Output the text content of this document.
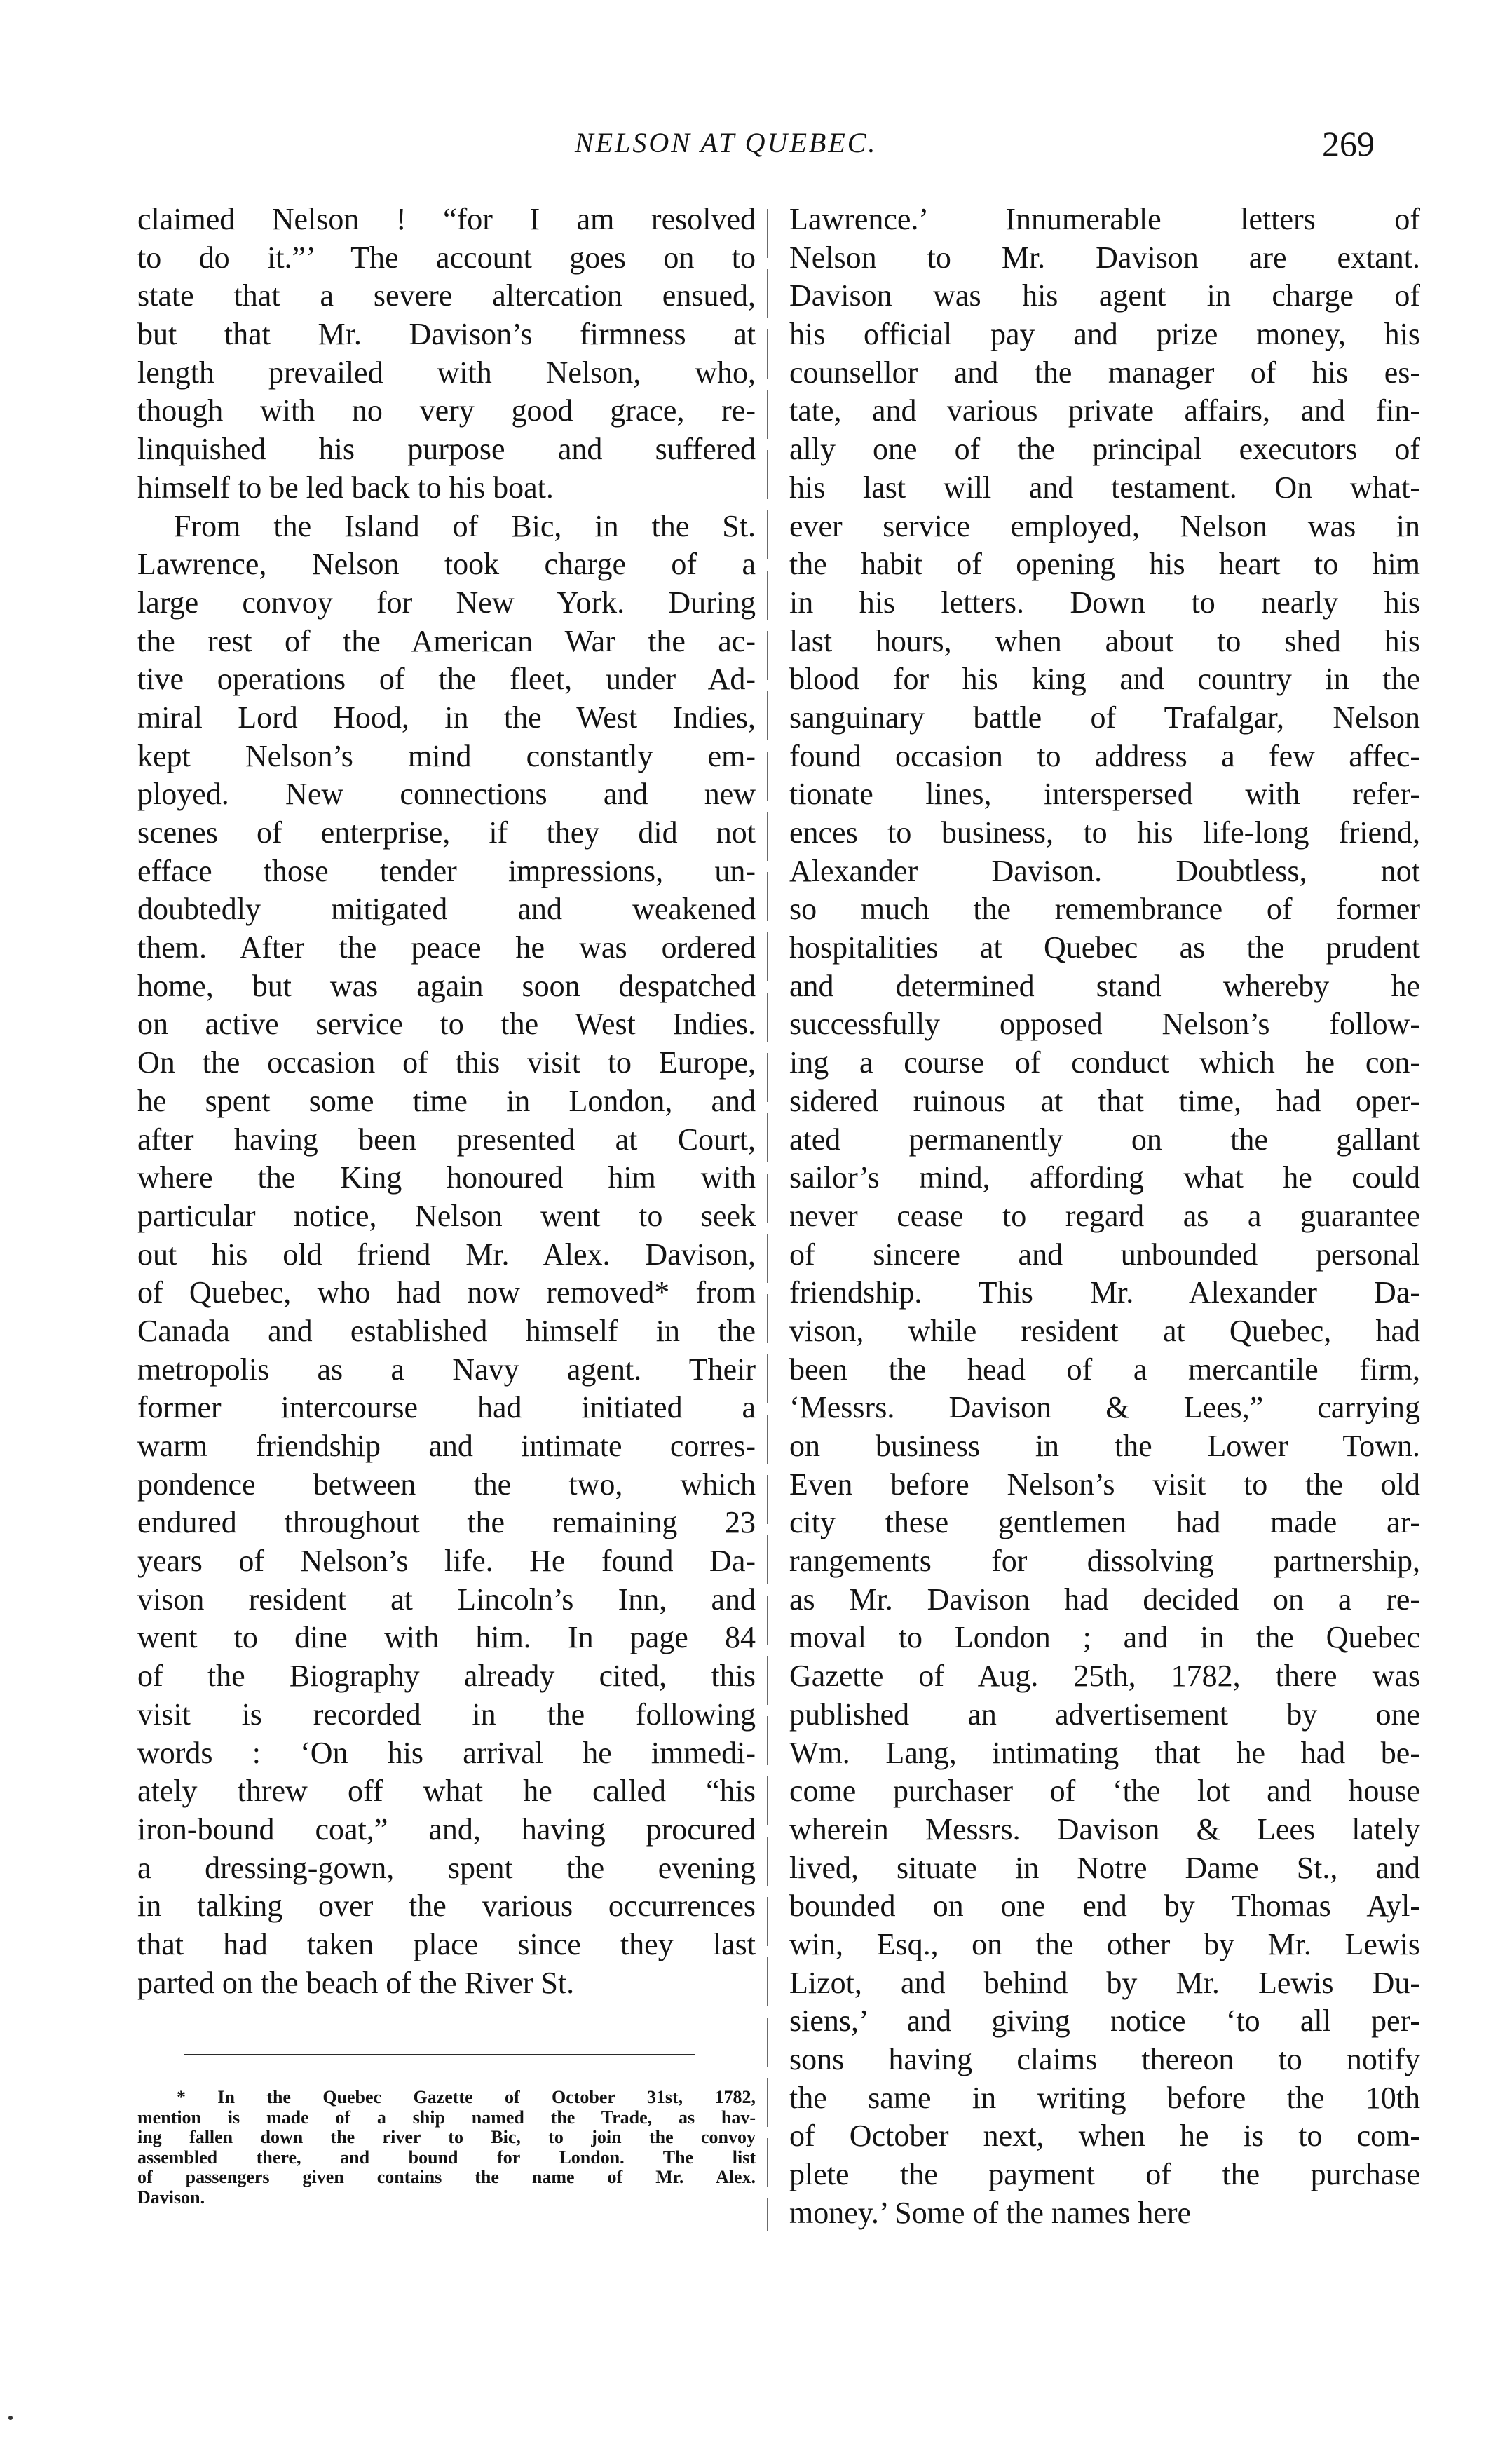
NELSON AT QUEBEC.	269
claimed Nelson ! “for I am resolved
to do it.”’ The account goes on to
state that a severe altercation ensued,
but that Mr. Davison’s firmness at
length prevailed with Nelson, who,
though with no very good grace, re-
linquished his purpose and suffered
himself to be led back to his boat.
From the Island of Bic, in the St.
Lawrence, Nelson took charge of a
large convoy for New York. During
the rest of the American War the ac-
tive operations of the fleet, under Ad-
miral Lord Hood, in the West Indies,
kept Nelson’s mind constantly em-
ployed. New connections and new
scenes of enterprise, if they did not
efface those tender impressions, un-
doubtedly mitigated and weakened
them. After the peace he was ordered
home, but was again soon despatched
on active service to the West Indies.
On the occasion of this visit to Europe,
he spent some time in London, and
after having been presented at Court,
where the King honoured him with
particular notice, Nelson went to seek
out his old friend Mr. Alex. Davison,
of Quebec, who had now removed* from
Canada and established himself in the
metropolis as a Navy agent. Their
former intercourse had initiated a
warm friendship and intimate corres-
pondence between the two, which
endured throughout the remaining 23
years of Nelson’s life. He found Da-
vison resident at Lincoln’s Inn, and
went to dine with him. In page 84
of the Biography already cited, this
visit is recorded in the following
words : ‘On his arrival he immedi-
ately threw off what he called “his
iron-bound coat,” and, having procured
a dressing-gown, spent the evening
in talking over the various occurrences
that had taken place since they last
parted on the beach of the River St.
Lawrence.’ Innumerable letters of
Nelson to Mr. Davison are extant.
Davison was his agent in charge of
his official pay and prize money, his
counsellor and the manager of his es-
tate, and various private affairs, and fin-
ally one of the principal executors of
his last will and testament. On what-
ever service employed, Nelson was in
the habit of opening his heart to him
in his letters. Down to nearly his
last hours, when about to shed his
blood for his king and country in the
sanguinary battle of Trafalgar, Nelson
found occasion to address a few affec-
tionate lines, interspersed with refer-
ences to business, to his life-long friend,
Alexander Davison. Doubtless, not
so much the remembrance of former
hospitalities at Quebec as the prudent
and determined stand whereby he
successfully opposed Nelson’s follow-
ing a course of conduct which he con-
sidered ruinous at that time, had oper-
ated permanently on the gallant
sailor’s mind, affording what he could
never cease to regard as a guarantee
of sincere and unbounded personal
friendship. This Mr. Alexander Da-
vison, while resident at Quebec, had
been the head of a mercantile firm,
‘Messrs. Davison & Lees,” carrying
on business in the Lower Town.
Even before Nelson’s visit to the old
city these gentlemen had made ar-
rangements for dissolving partnership,
as Mr. Davison had decided on a re-
moval to London ; and in the Quebec
Gazette of Aug. 25th, 1782, there was
published an advertisement by one
Wm. Lang, intimating that he had be-
come purchaser of ‘the lot and house
wherein Messrs. Davison & Lees lately
lived, situate in Notre Dame St., and
bounded on one end by Thomas Ayl-
win, Esq., on the other by Mr. Lewis
Lizot, and behind by Mr. Lewis Du-
siens,’ and giving notice ‘to all per-
sons having claims thereon to notify
the same in writing before the 10th
of October next, when he is to com-
plete the payment of the purchase
money.’ Some of the names here
* In the Quebec Gazette of October 31st, 1782,
mention is made of a ship named the Trade, as hav-
ing fallen down the river to Bic, to join the convoy
assembled there, and bound for London. The list
of passengers given contains the name of Mr. Alex.
Davison.
